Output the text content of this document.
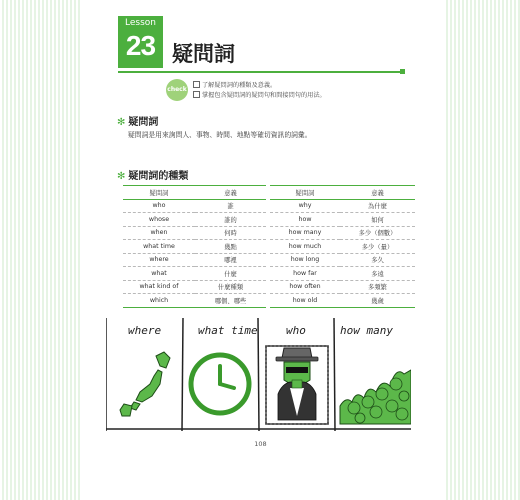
Lesson
23 疑問詞
check
了解疑問詞的種類及意義。
掌握包含疑問詞的疑問句和間接問句的用法。
✻ 疑問詞
疑問詞是用來詢問人、事物、時間、地點等確切資訊的詞彙。
✻ 疑問詞的種類
疑問詞	意義
who	誰
whose	誰的
when	何時
what time	幾點
where	哪裡
what	什麼
what kind of	什麼種類
which	哪個、哪些
疑問詞	意義
why	為什麼
how	如何
how many	多少（個數）
how much	多少（量）
how long	多久
how far	多遠
how often	多頻繁
how old	幾歲
where	what time	who	how many
108
